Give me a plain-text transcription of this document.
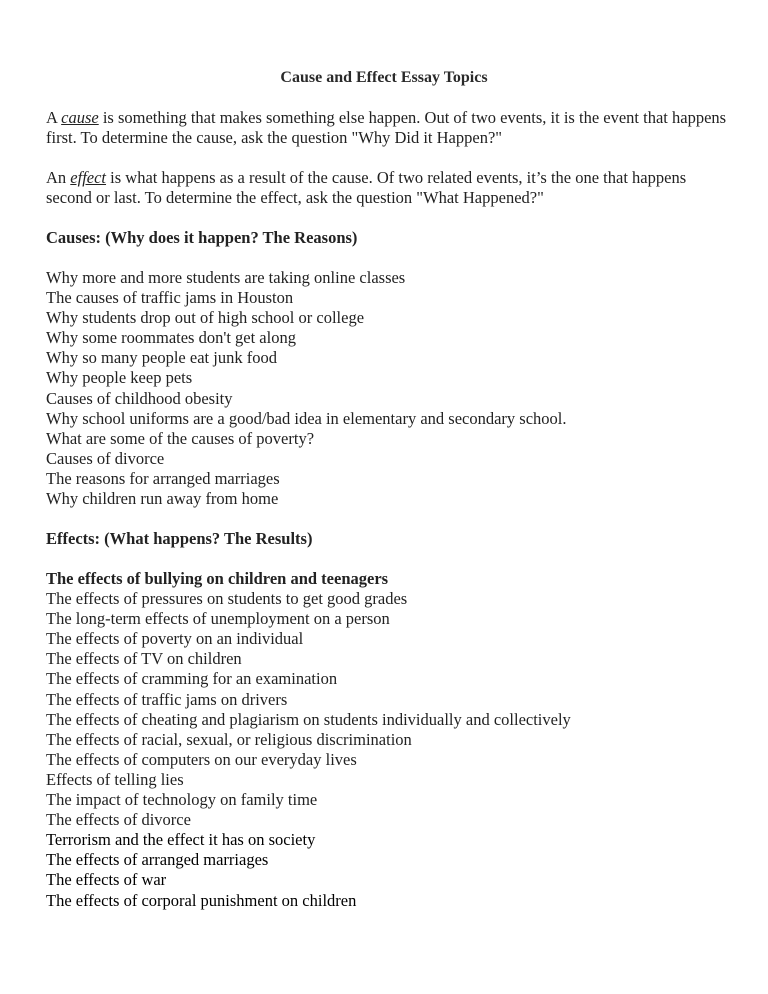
Cause and Effect Essay Topics

A cause is something that makes something else happen. Out of two events, it is the event that happens first. To determine the cause, ask the question "Why Did it Happen?"

An effect is what happens as a result of the cause. Of two related events, it’s the one that happens second or last. To determine the effect, ask the question "What Happened?"

Causes: (Why does it happen? The Reasons)
Why more and more students are taking online classes
The causes of traffic jams in Houston
Why students drop out of high school or college
Why some roommates don't get along
Why so many people eat junk food
Why people keep pets
Causes of childhood obesity
Why school uniforms are a good/bad idea in elementary and secondary school.
What are some of the causes of poverty?
Causes of divorce
The reasons for arranged marriages
Why children run away from home
Effects: (What happens? The Results)
The effects of bullying on children and teenagers
The effects of pressures on students to get good grades
The long-term effects of unemployment on a person
The effects of poverty on an individual
The effects of TV on children
The effects of cramming for an examination
The effects of traffic jams on drivers
The effects of cheating and plagiarism on students individually and collectively
The effects of racial, sexual, or religious discrimination
The effects of computers on our everyday lives
Effects of telling lies
The impact of technology on family time
The effects of divorce
Terrorism and the effect it has on society
The effects of arranged marriages
The effects of war
The effects of corporal punishment on children
